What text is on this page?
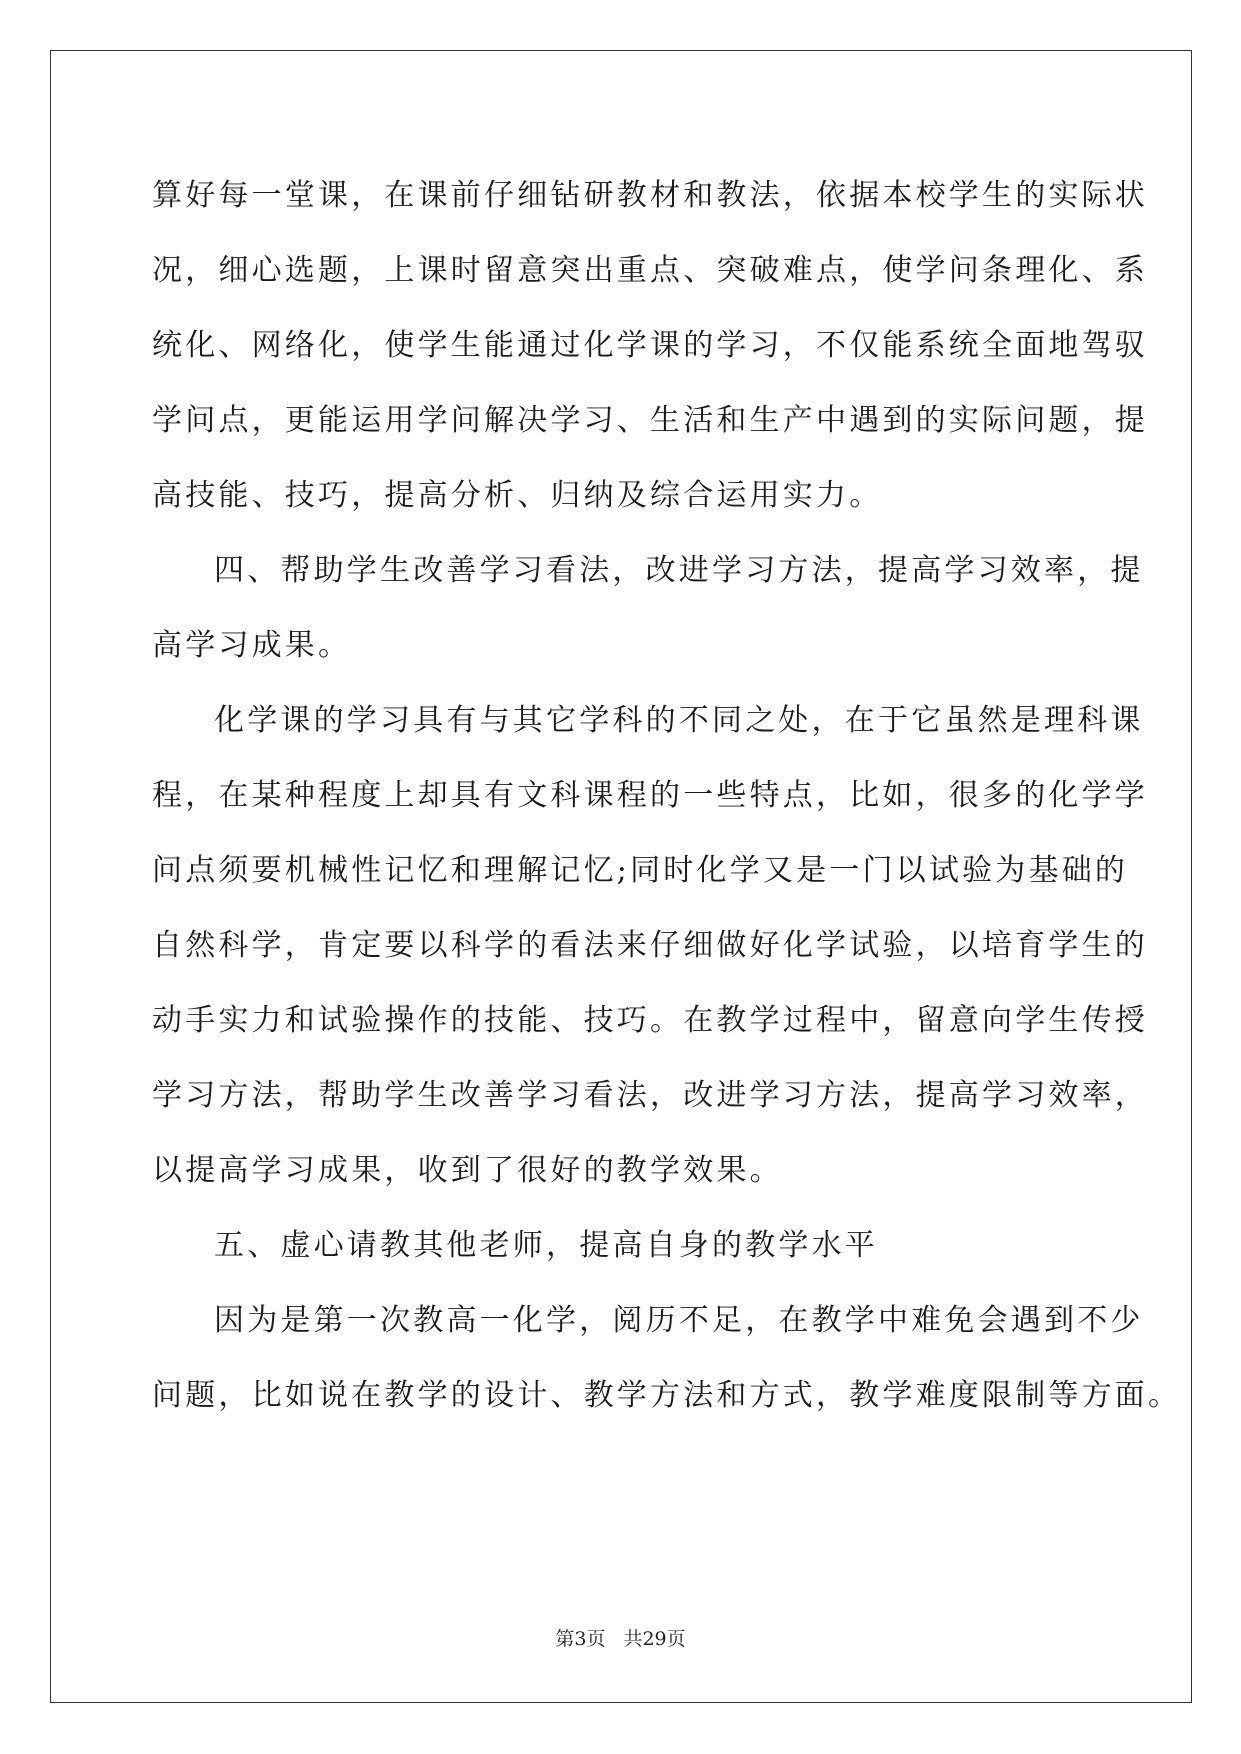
算好每一堂课，在课前仔细钻研教材和教法，依据本校学生的实际状
况，细心选题，上课时留意突出重点、突破难点，使学问条理化、系
统化、网络化，使学生能通过化学课的学习，不仅能系统全面地驾驭
学问点，更能运用学问解决学习、生活和生产中遇到的实际问题，提
高技能、技巧，提高分析、归纳及综合运用实力。
四、帮助学生改善学习看法，改进学习方法，提高学习效率，提
高学习成果。
化学课的学习具有与其它学科的不同之处，在于它虽然是理科课
程，在某种程度上却具有文科课程的一些特点，比如，很多的化学学
问点须要机械性记忆和理解记忆;同时化学又是一门以试验为基础的
自然科学，肯定要以科学的看法来仔细做好化学试验，以培育学生的
动手实力和试验操作的技能、技巧。在教学过程中，留意向学生传授
学习方法，帮助学生改善学习看法，改进学习方法，提高学习效率，
以提高学习成果，收到了很好的教学效果。
五、虚心请教其他老师，提高自身的教学水平
因为是第一次教高一化学，阅历不足，在教学中难免会遇到不少
问题，比如说在教学的设计、教学方法和方式，教学难度限制等方面。
第3页 共29页
